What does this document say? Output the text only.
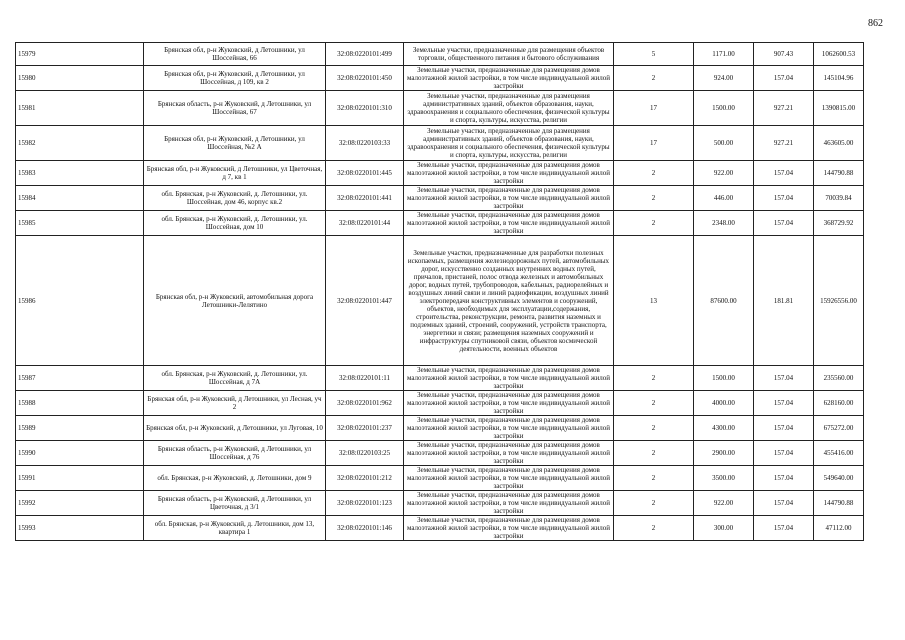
862
15979	Брянская обл, р-н Жуковский, д Летошники, ул Шоссейная, 66	32:08:0220101:499	Земельные участки, предназначенные для размещения объектов торговли, общественного питания и бытового обслуживания	5	1171.00	907.43	1062600.53
15980	Брянская обл, р-н Жуковский, д Летошники, ул Шоссейная, д 109, кв 2	32:08:0220101:450	Земельные участки, предназначенные для размещения домов малоэтажной жилой застройки, в том числе индивидуальной жилой застройки	2	924.00	157.04	145104.96
15981	Брянская область, р-н Жуковский, д Летошники, ул Шоссейная, 67	32:08:0220101:310	Земельные участки, предназначенные для размещения административных зданий, объектов образования, науки, здравоохранения и социального обеспечения, физической культуры и спорта, культуры, искусства, религии	17	1500.00	927.21	1390815.00
15982	Брянская обл, р-н Жуковский, д Летошники, ул Шоссейная, №2 А	32:08:0220103:33	Земельные участки, предназначенные для размещения административных зданий, объектов образования, науки, здравоохранения и социального обеспечения, физической культуры и спорта, культуры, искусства, религии	17	500.00	927.21	463605.00
15983	Брянская обл, р-н Жуковский, д Летошники, ул Цветочная, д 7, кв 1	32:08:0220101:445	Земельные участки, предназначенные для размещения домов малоэтажной жилой застройки, в том числе индивидуальной жилой застройки	2	922.00	157.04	144790.88
15984	обл. Брянская, р-н Жуковский, д. Летошники, ул. Шоссейная, дом 46, корпус кв.2	32:08:0220101:441	Земельные участки, предназначенные для размещения домов малоэтажной жилой застройки, в том числе индивидуальной жилой застройки	2	446.00	157.04	70039.84
15985	обл. Брянская, р-н Жуковский, д. Летошники, ул. Шоссейная, дом 10	32:08:0220101:44	Земельные участки, предназначенные для размещения домов малоэтажной жилой застройки, в том числе индивидуальной жилой застройки	2	2348.00	157.04	368729.92
15986	Брянская обл, р-н Жуковский, автомобильная дорога Летошники-Лелятино	32:08:0220101:447	Земельные участки, предназначенные для разработки полезных ископаемых, размещения железнодорожных путей, автомобильных дорог, искусственно созданных внутренних водных путей, причалов, пристаней, полос отвода железных и автомобильных дорог, водных путей, трубопроводов, кабельных, радиорелейных и воздушных линий связи и линий радиофикации, воздушных линий электропередачи конструктивных элементов и сооружений, объектов, необходимых для эксплуатации,содержания, строительства, реконструкции, ремонта, развития наземных и подземных зданий, строений, сооружений, устройств транспорта, энергетики и связи; размещения наземных сооружений и инфраструктуры спутниковой связи, объектов космической деятельности, военных объектов	13	87600.00	181.81	15926556.00
15987	обл. Брянская, р-н Жуковский, д. Летошники, ул. Шоссейная, д 7А	32:08:0220101:11	Земельные участки, предназначенные для размещения домов малоэтажной жилой застройки, в том числе индивидуальной жилой застройки	2	1500.00	157.04	235560.00
15988	Брянская обл, р-н Жуковский, д Летошники, ул Лесная, уч 2	32:08:0220101:962	Земельные участки, предназначенные для размещения домов малоэтажной жилой застройки, в том числе индивидуальной жилой застройки	2	4000.00	157.04	628160.00
15989	Брянская обл, р-н Жуковский, д Летошники, ул Луговая, 10	32:08:0220101:237	Земельные участки, предназначенные для размещения домов малоэтажной жилой застройки, в том числе индивидуальной жилой застройки	2	4300.00	157.04	675272.00
15990	Брянская область, р-н Жуковский, д Летошники, ул Шоссейная, д 76	32:08:0220103:25	Земельные участки, предназначенные для размещения домов малоэтажной жилой застройки, в том числе индивидуальной жилой застройки	2	2900.00	157.04	455416.00
15991	обл. Брянская, р-н Жуковский, д. Летошники, дом 9	32:08:0220101:212	Земельные участки, предназначенные для размещения домов малоэтажной жилой застройки, в том числе индивидуальной жилой застройки	2	3500.00	157.04	549640.00
15992	Брянская область, р-н Жуковский, д Летошники, ул Цветочная, д 3/1	32:08:0220101:123	Земельные участки, предназначенные для размещения домов малоэтажной жилой застройки, в том числе индивидуальной жилой застройки	2	922.00	157.04	144790.88
15993	обл. Брянская, р-н Жуковский, д. Летошники, дом 13, квартира 1	32:08:0220101:146	Земельные участки, предназначенные для размещения домов малоэтажной жилой застройки, в том числе индивидуальной жилой застройки	2	300.00	157.04	47112.00
